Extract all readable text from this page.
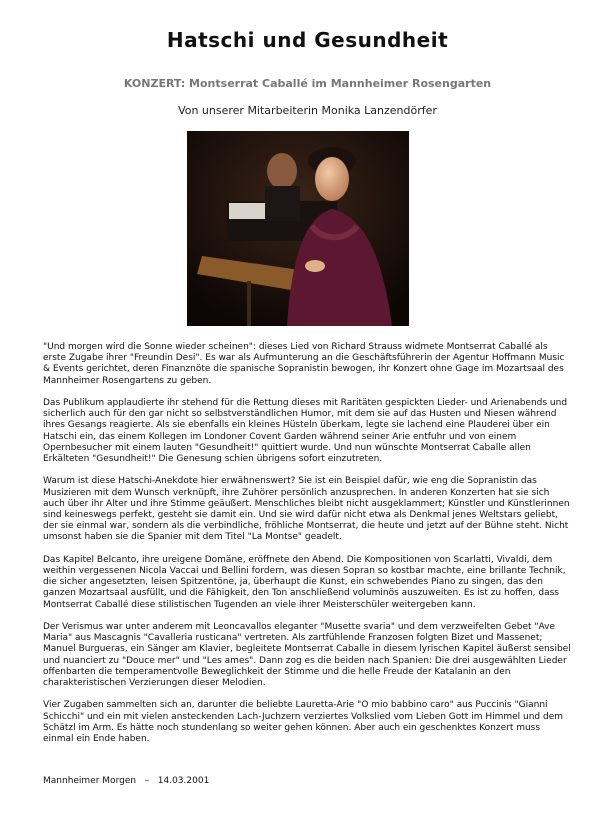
Hatschi und Gesundheit
KONZERT: Montserrat Caballé im Mannheimer Rosengarten
Von unserer Mitarbeiterin Monika Lanzendörfer

"Und morgen wird die Sonne wieder scheinen": dieses Lied von Richard Strauss widmete Montserrat Caballé als erste Zugabe ihrer "Freundin Desi". Es war als Aufmunterung an die Geschäftsführerin der Agentur Hoffmann Music & Events gerichtet, deren Finanznöte die spanische Sopranistin bewogen, ihr Konzert ohne Gage im Mozartsaal des Mannheimer Rosengartens zu geben.

Das Publikum applaudierte ihr stehend für die Rettung dieses mit Raritäten gespickten Lieder- und Arienabends und sicherlich auch für den gar nicht so selbstverständlichen Humor, mit dem sie auf das Husten und Niesen während ihres Gesangs reagierte. Als sie ebenfalls ein kleines Hüsteln überkam, legte sie lachend eine Plauderei über ein Hatschi ein, das einem Kollegen im Londoner Covent Garden während seiner Arie entfuhr und von einem Opernbesucher mit einem lauten "Gesundheit!" quittiert wurde. Und nun wünschte Montserrat Caballe allen Erkälteten "Gesundheit!" Die Genesung schien übrigens sofort einzutreten.

Warum ist diese Hatschi-Anekdote hier erwähnenswert? Sie ist ein Beispiel dafür, wie eng die Sopranistin das Musizieren mit dem Wunsch verknüpft, ihre Zuhörer persönlich anzusprechen. In anderen Konzerten hat sie sich auch über ihr Alter und ihre Stimme geäußert. Menschliches bleibt nicht ausgeklammert; Künstler und Künstlerinnen sind keineswegs perfekt, gesteht sie damit ein. Und sie wird dafür nicht etwa als Denkmal jenes Weltstars geliebt, der sie einmal war, sondern als die verbindliche, fröhliche Montserrat, die heute und jetzt auf der Bühne steht. Nicht umsonst haben sie die Spanier mit dem Titel "La Montse" geadelt.

Das Kapitel Belcanto, ihre ureigene Domäne, eröffnete den Abend. Die Kompositionen von Scarlatti, Vivaldi, dem weithin vergessenen Nicola Vaccai und Bellini fordern, was diesen Sopran so kostbar machte, eine brillante Technik, die sicher angesetzten, leisen Spitzentöne, ja, überhaupt die Kunst, ein schwebendes Piano zu singen, das den ganzen Mozartsaal ausfüllt, und die Fähigkeit, den Ton anschließend voluminös auszuweiten. Es ist zu hoffen, dass Montserrat Caballé diese stilistischen Tugenden an viele ihrer Meisterschüler weitergeben kann.

Der Verismus war unter anderem mit Leoncavallos eleganter "Musette svaria" und dem verzweifelten Gebet "Ave Maria" aus Mascagnis "Cavalleria rusticana" vertreten. Als zartfühlende Franzosen folgten Bizet und Massenet; Manuel Burgueras, ein Sänger am Klavier, begleitete Montserrat Caballe in diesem lyrischen Kapitel äußerst sensibel und nuanciert zu "Douce mer" und "Les ames". Dann zog es die beiden nach Spanien: Die drei ausgewählten Lieder offenbarten die temperamentvolle Beweglichkeit der Stimme und die helle Freude der Katalanin an den charakteristischen Verzierungen dieser Melodien.

Vier Zugaben sammelten sich an, darunter die beliebte Lauretta-Arie "O mio babbino caro" aus Puccinis "Gianni Schicchi" und ein mit vielen ansteckenden Lach-Juchzern verziertes Volkslied vom Lieben Gott im Himmel und dem Schätzl im Arm. Es hätte noch stundenlang so weiter gehen können. Aber auch ein geschenktes Konzert muss einmal ein Ende haben.

Mannheimer Morgen – 14.03.2001
